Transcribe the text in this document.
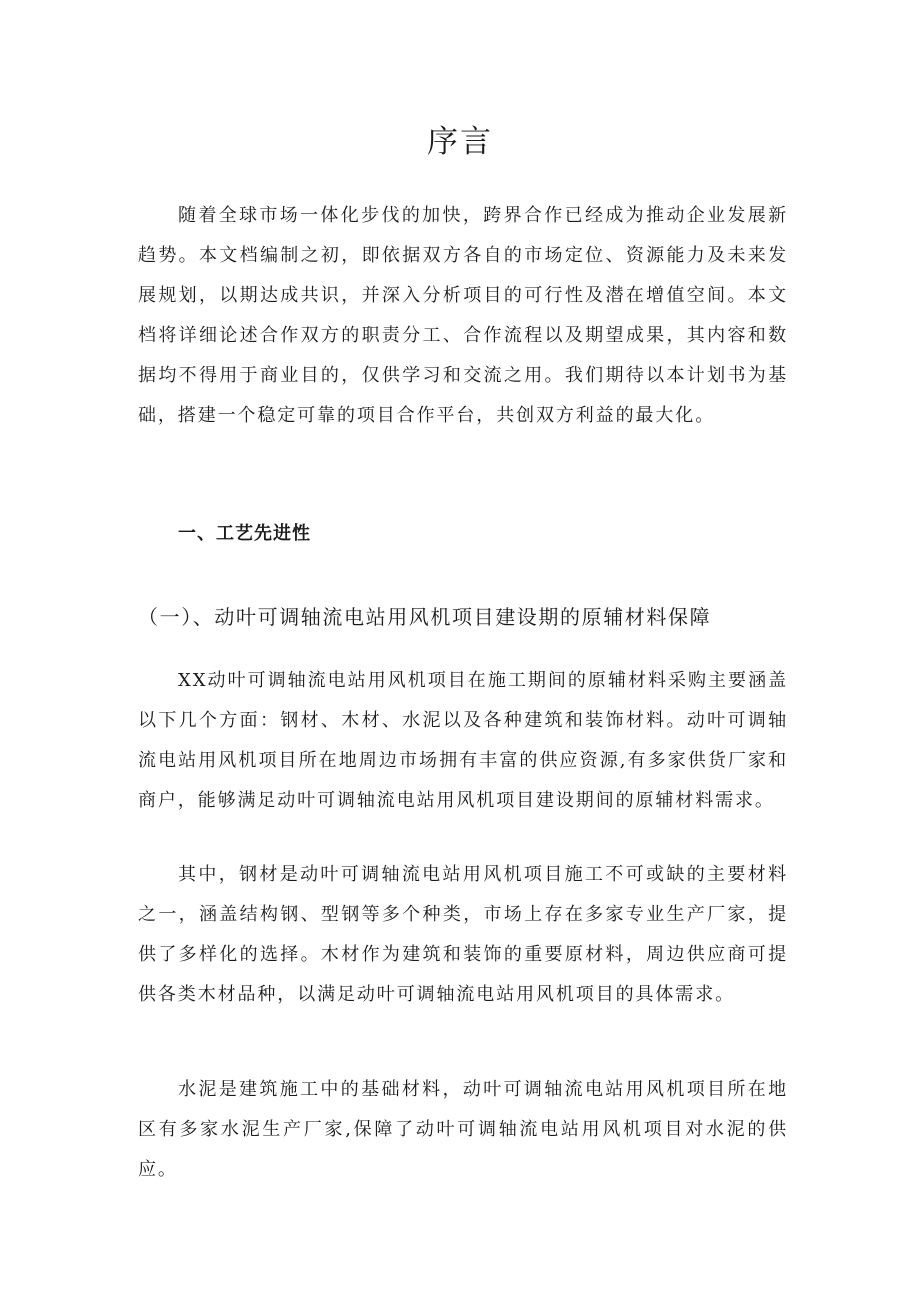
序言

随着全球市场一体化步伐的加快，跨界合作已经成为推动企业发展新趋势。本文档编制之初，即依据双方各自的市场定位、资源能力及未来发展规划，以期达成共识，并深入分析项目的可行性及潜在增值空间。本文档将详细论述合作双方的职责分工、合作流程以及期望成果，其内容和数据均不得用于商业目的，仅供学习和交流之用。我们期待以本计划书为基础，搭建一个稳定可靠的项目合作平台，共创双方利益的最大化。

一、工艺先进性
（一）、动叶可调轴流电站用风机项目建设期的原辅材料保障

XX动叶可调轴流电站用风机项目在施工期间的原辅材料采购主要涵盖以下几个方面：钢材、木材、水泥以及各种建筑和装饰材料。动叶可调轴流电站用风机项目所在地周边市场拥有丰富的供应资源,有多家供货厂家和商户，能够满足动叶可调轴流电站用风机项目建设期间的原辅材料需求。

其中，钢材是动叶可调轴流电站用风机项目施工不可或缺的主要材料之一，涵盖结构钢、型钢等多个种类，市场上存在多家专业生产厂家，提供了多样化的选择。木材作为建筑和装饰的重要原材料，周边供应商可提供各类木材品种，以满足动叶可调轴流电站用风机项目的具体需求。

水泥是建筑施工中的基础材料，动叶可调轴流电站用风机项目所在地区有多家水泥生产厂家,保障了动叶可调轴流电站用风机项目对水泥的供应。
